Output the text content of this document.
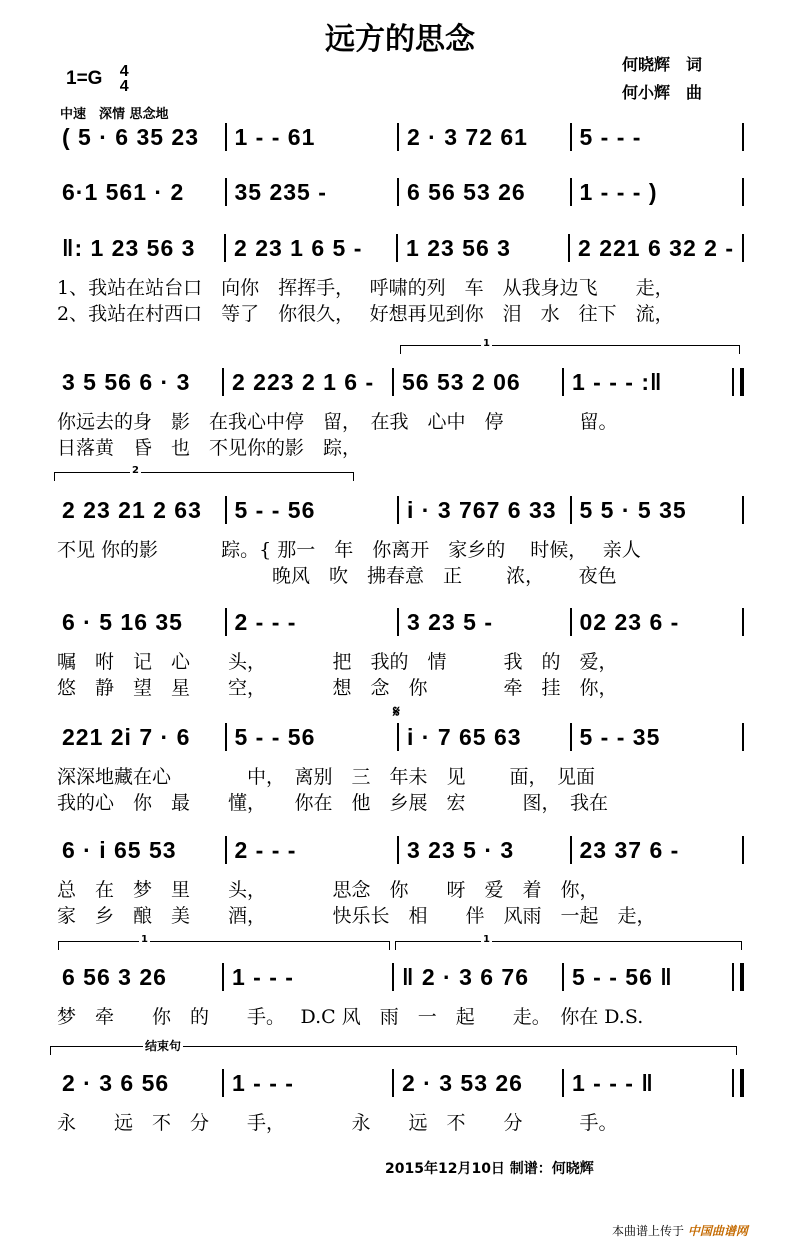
远方的思念
何晓辉　词
何小辉　曲
1=G 4
4
中速　深情 思念地
( 5 · 6 35 23	1 - - 61	2 · 3 72 61	5 - - -
6·1 561 · 2	35 235 -	6 56 53 26	1 - - - )
‖: 1 23 56 3	2 23 1 6 5 -	1 23 56 3	2 221 6 32 2 -
1、我站在站台口　向你　挥挥手，　 呼啸的列　车　从我身边飞　　走，
2、我站在村西口　等了　你很久，　 好想再见到你　泪　水　往下　流，
3 5 56 6 · 3	2 223 2 1 6 -	56 53 2 06	1 - - - :‖
你远去的身　影　在我心中停　留，　在我　心中　停　　　　留。
日落黄　昏　也　不见你的影　踪，
2 23 21 2 63	5 - - 56	i · 3 767 6 33 5 5 · 5 35
不见 你的影　　　 踪。{ 那一　年　你离开　家乡的　 时候，　 亲人
　　　　　　　　　　　 晚风　吹　拂春意　正　　 浓，　　 夜色
6 · 5 16 35	2 - - -	3 23 5 -	02 23 6 -
嘱　咐　记　心　　头，　　　　把　我的　情　　　我　的　爱，
悠　静　望　星　　空，　　　　想　念　你　　　　牵　挂　你，
221 2i 7 · 6	5 - - 56	i · 7 65 63	5 - - 35
深深地藏在心　　　　中，　离别　三　年未　见　　 面，　见面
我的心　你　最　　懂，　　你在　他　乡展　宏　　　图，　我在
6 · i 65 53	2 - - -	3 23 5 · 3	23 37 6 -
总　在　梦　里　　头，　　　　思念　你　　呀　爱　着　你，
家　乡　酿　美　　酒，　　　　快乐长　相　　伴　风雨　一起　走，
6 56 3 26	1 - - -	‖ 2 · 3 6 76	5 - - 56 ‖
梦　牵　　你　的　　手。　 D.C 风　雨　一　起　　走。　你在 D.S.
2 · 3 6 56	1 - - -	2 · 3 53 26	1 - - - ‖
永　　远　不　分　　手，　　　　永　　远　不　　分　　　手。
1
2
𝄋
1	1
结束句
2015年12月10日 制谱：何晓辉
本曲谱上传于 中国曲谱网
